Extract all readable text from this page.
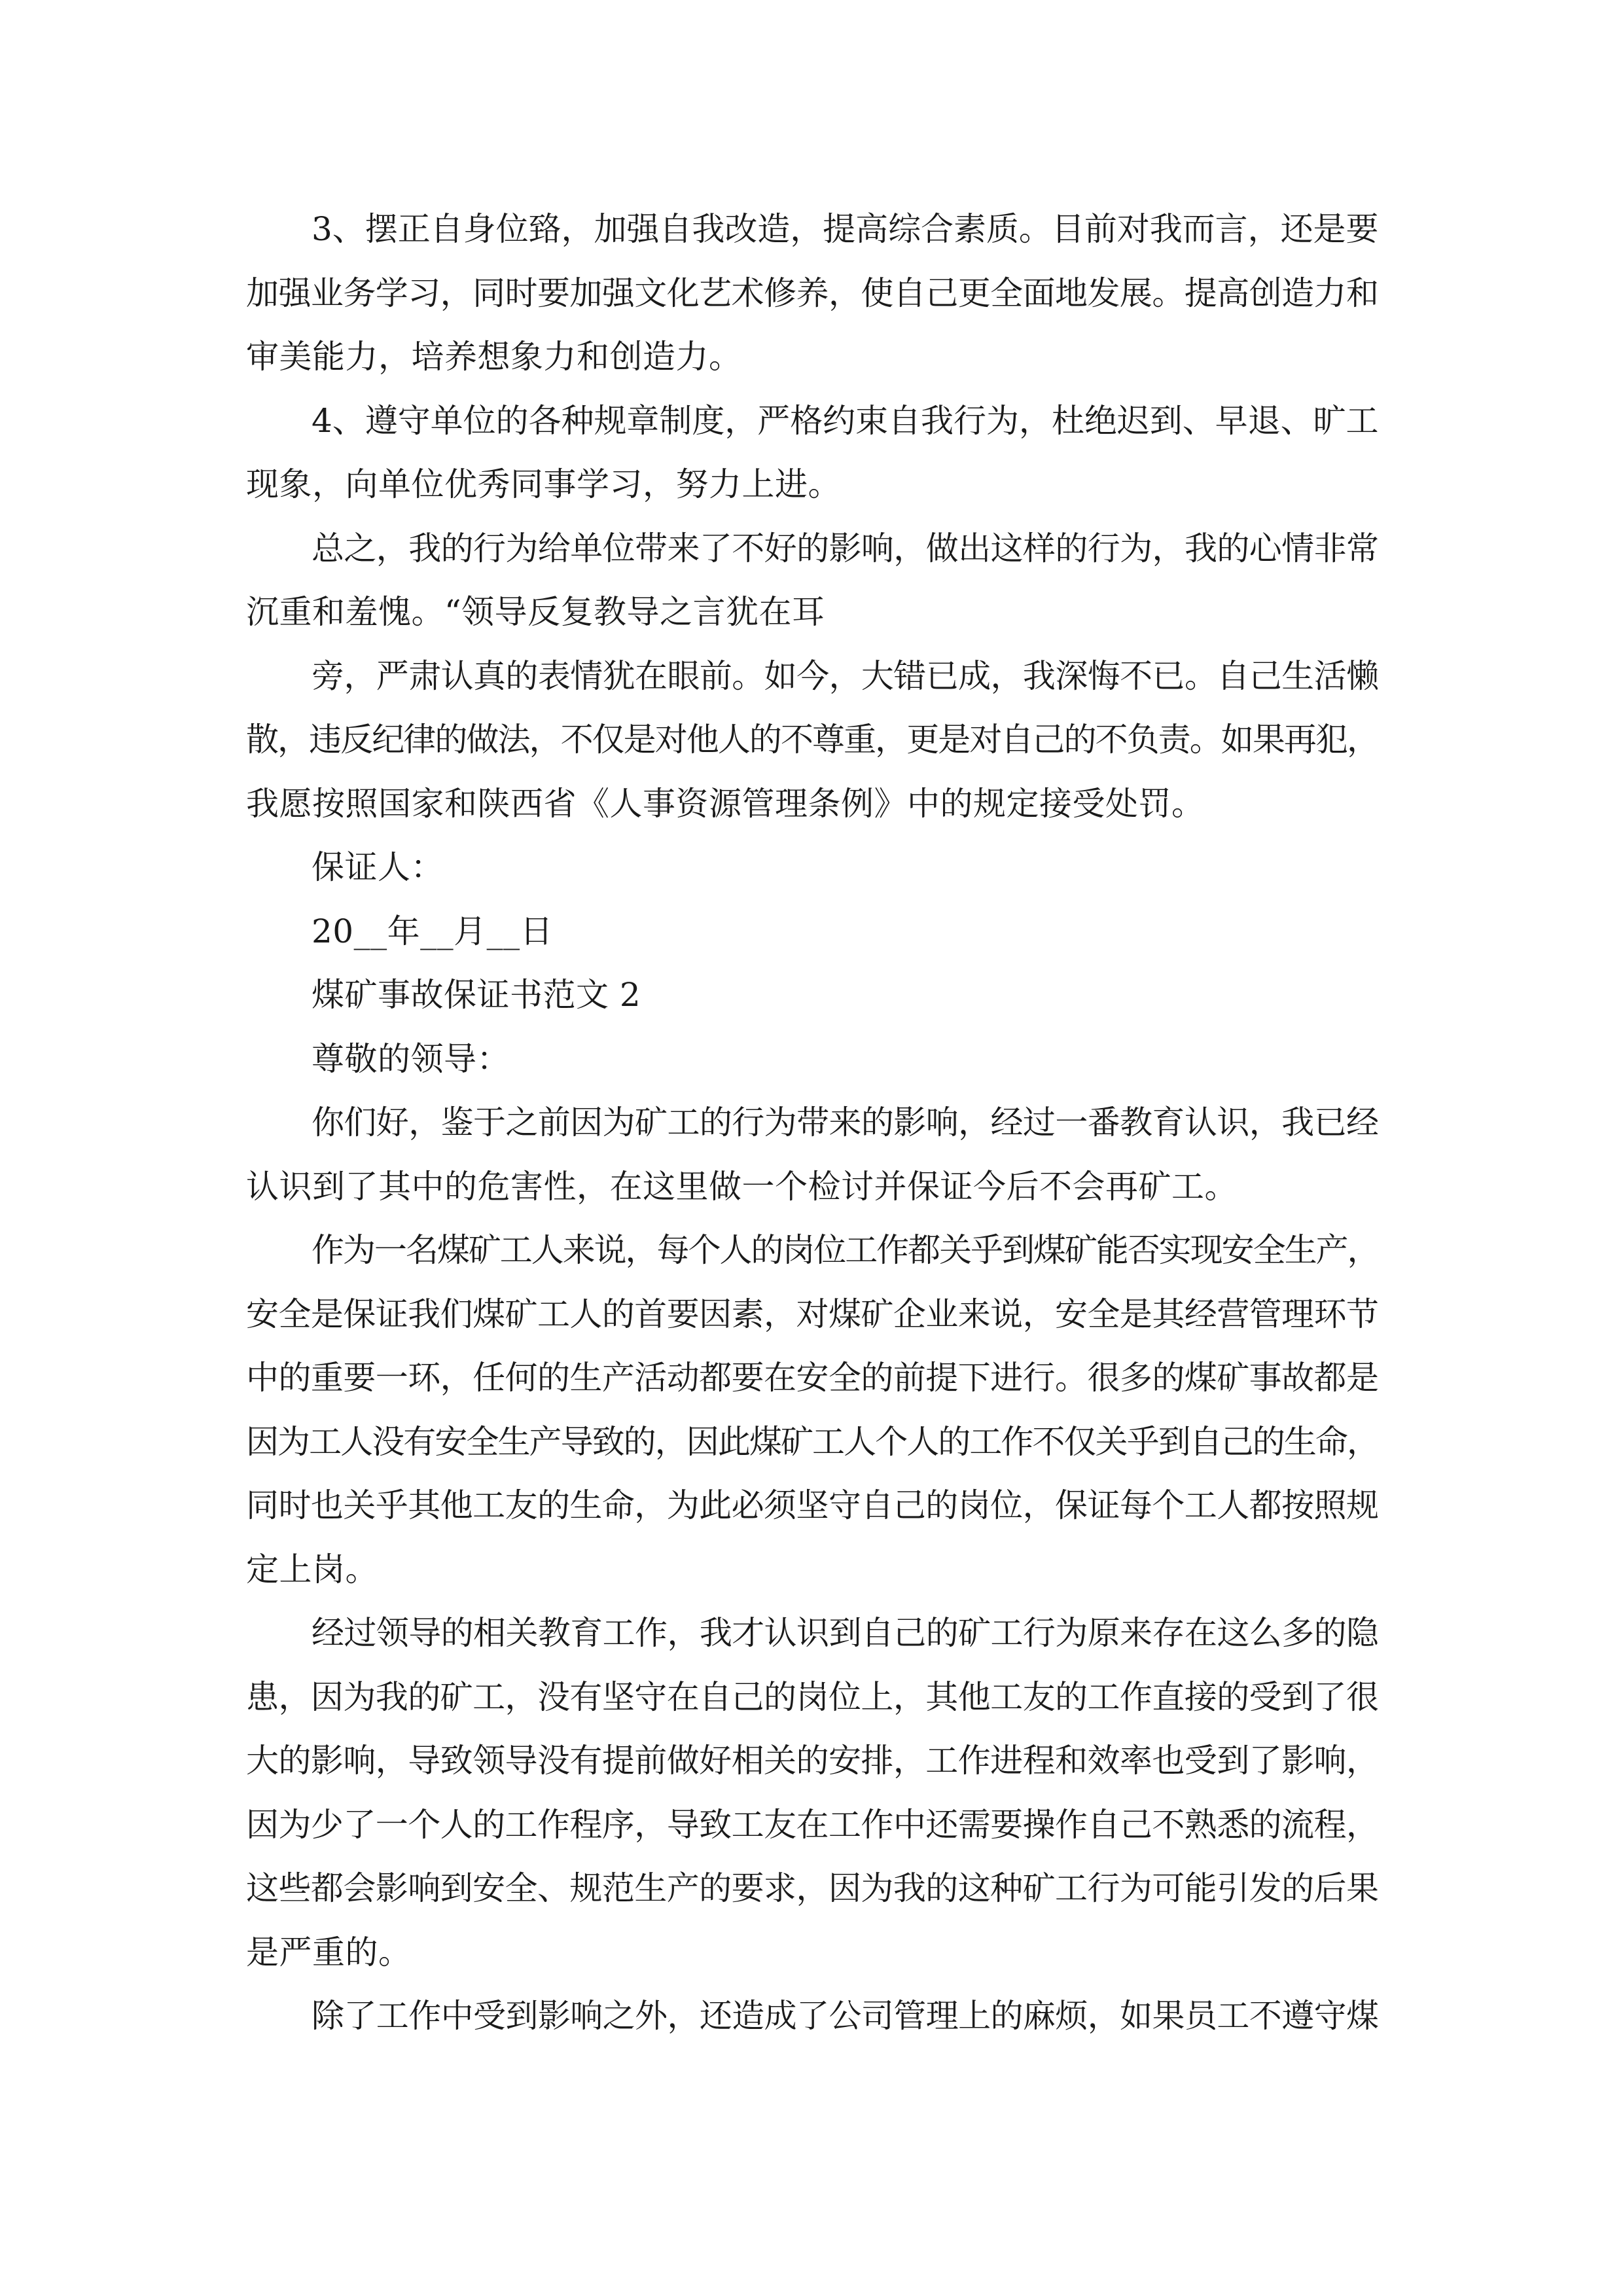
3、摆正自身位臵，加强自我改造，提高综合素质。目前对我而言，还是要
加强业务学习，同时要加强文化艺术修养，使自己更全面地发展。提高创造力和
审美能力，培养想象力和创造力。
4、遵守单位的各种规章制度，严格约束自我行为，杜绝迟到、早退、旷工
现象，向单位优秀同事学习，努力上进。
总之，我的行为给单位带来了不好的影响，做出这样的行为，我的心情非常
沉重和羞愧。“领导反复教导之言犹在耳
旁，严肃认真的表情犹在眼前。如今，大错已成，我深悔不已。自己生活懒
散，违反纪律的做法，不仅是对他人的不尊重，更是对自己的不负责。如果再犯，
我愿按照国家和陕西省《人事资源管理条例》中的规定接受处罚。
保证人：
20__年__月__日
煤矿事故保证书范文 2
尊敬的领导：
你们好，鉴于之前因为矿工的行为带来的影响，经过一番教育认识，我已经
认识到了其中的危害性，在这里做一个检讨并保证今后不会再矿工。
作为一名煤矿工人来说，每个人的岗位工作都关乎到煤矿能否实现安全生产，
安全是保证我们煤矿工人的首要因素，对煤矿企业来说，安全是其经营管理环节
中的重要一环，任何的生产活动都要在安全的前提下进行。很多的煤矿事故都是
因为工人没有安全生产导致的，因此煤矿工人个人的工作不仅关乎到自己的生命，
同时也关乎其他工友的生命，为此必须坚守自己的岗位，保证每个工人都按照规
定上岗。
经过领导的相关教育工作，我才认识到自己的矿工行为原来存在这么多的隐
患，因为我的矿工，没有坚守在自己的岗位上，其他工友的工作直接的受到了很
大的影响，导致领导没有提前做好相关的安排，工作进程和效率也受到了影响，
因为少了一个人的工作程序，导致工友在工作中还需要操作自己不熟悉的流程，
这些都会影响到安全、规范生产的要求，因为我的这种矿工行为可能引发的后果
是严重的。
除了工作中受到影响之外，还造成了公司管理上的麻烦，如果员工不遵守煤
